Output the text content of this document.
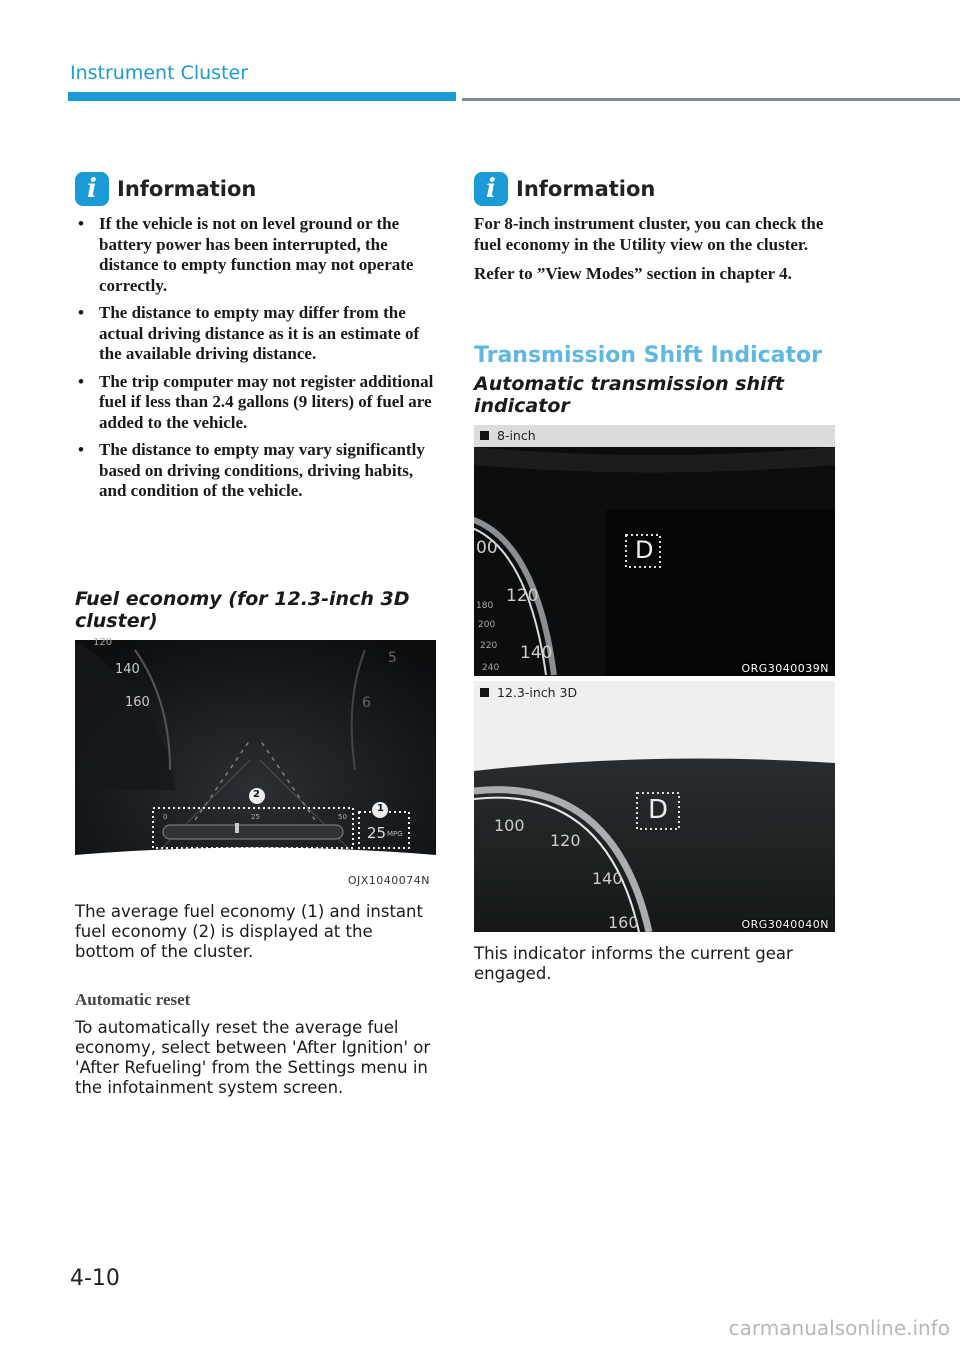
Instrument Cluster
i Information
• If the vehicle is not on level ground or the battery power has been interrupted, the distance to empty function may not operate correctly.
• The distance to empty may differ from the actual driving distance as it is an estimate of the available driving distance.
• The trip computer may not register additional fuel if less than 2.4 gallons (9 liters) of fuel are added to the vehicle.
• The distance to empty may vary significantly based on driving conditions, driving habits, and condition of the vehicle.
Fuel economy (for 12.3-inch 3D cluster)
120
140
160
5
6
2
1
0	25	50
25 MPG
OJX1040074N
The average fuel economy (1) and instant fuel economy (2) is displayed at the bottom of the cluster.
Automatic reset
To automatically reset the average fuel economy, select between 'After Ignition' or 'After Refueling' from the Settings menu in the infotainment system screen.
i Information

For 8-inch instrument cluster, you can check the fuel economy in the Utility view on the cluster.

Refer to ”View Modes” section in chapter 4.

Transmission Shift Indicator
Automatic transmission shift indicator
8-inch
D
00
120
140
180
200
220
240	ORG3040039N
12.3-inch 3D
D
100
120
140
160	ORG3040040N
This indicator informs the current gear engaged.
4-10
carmanualsonline.info
